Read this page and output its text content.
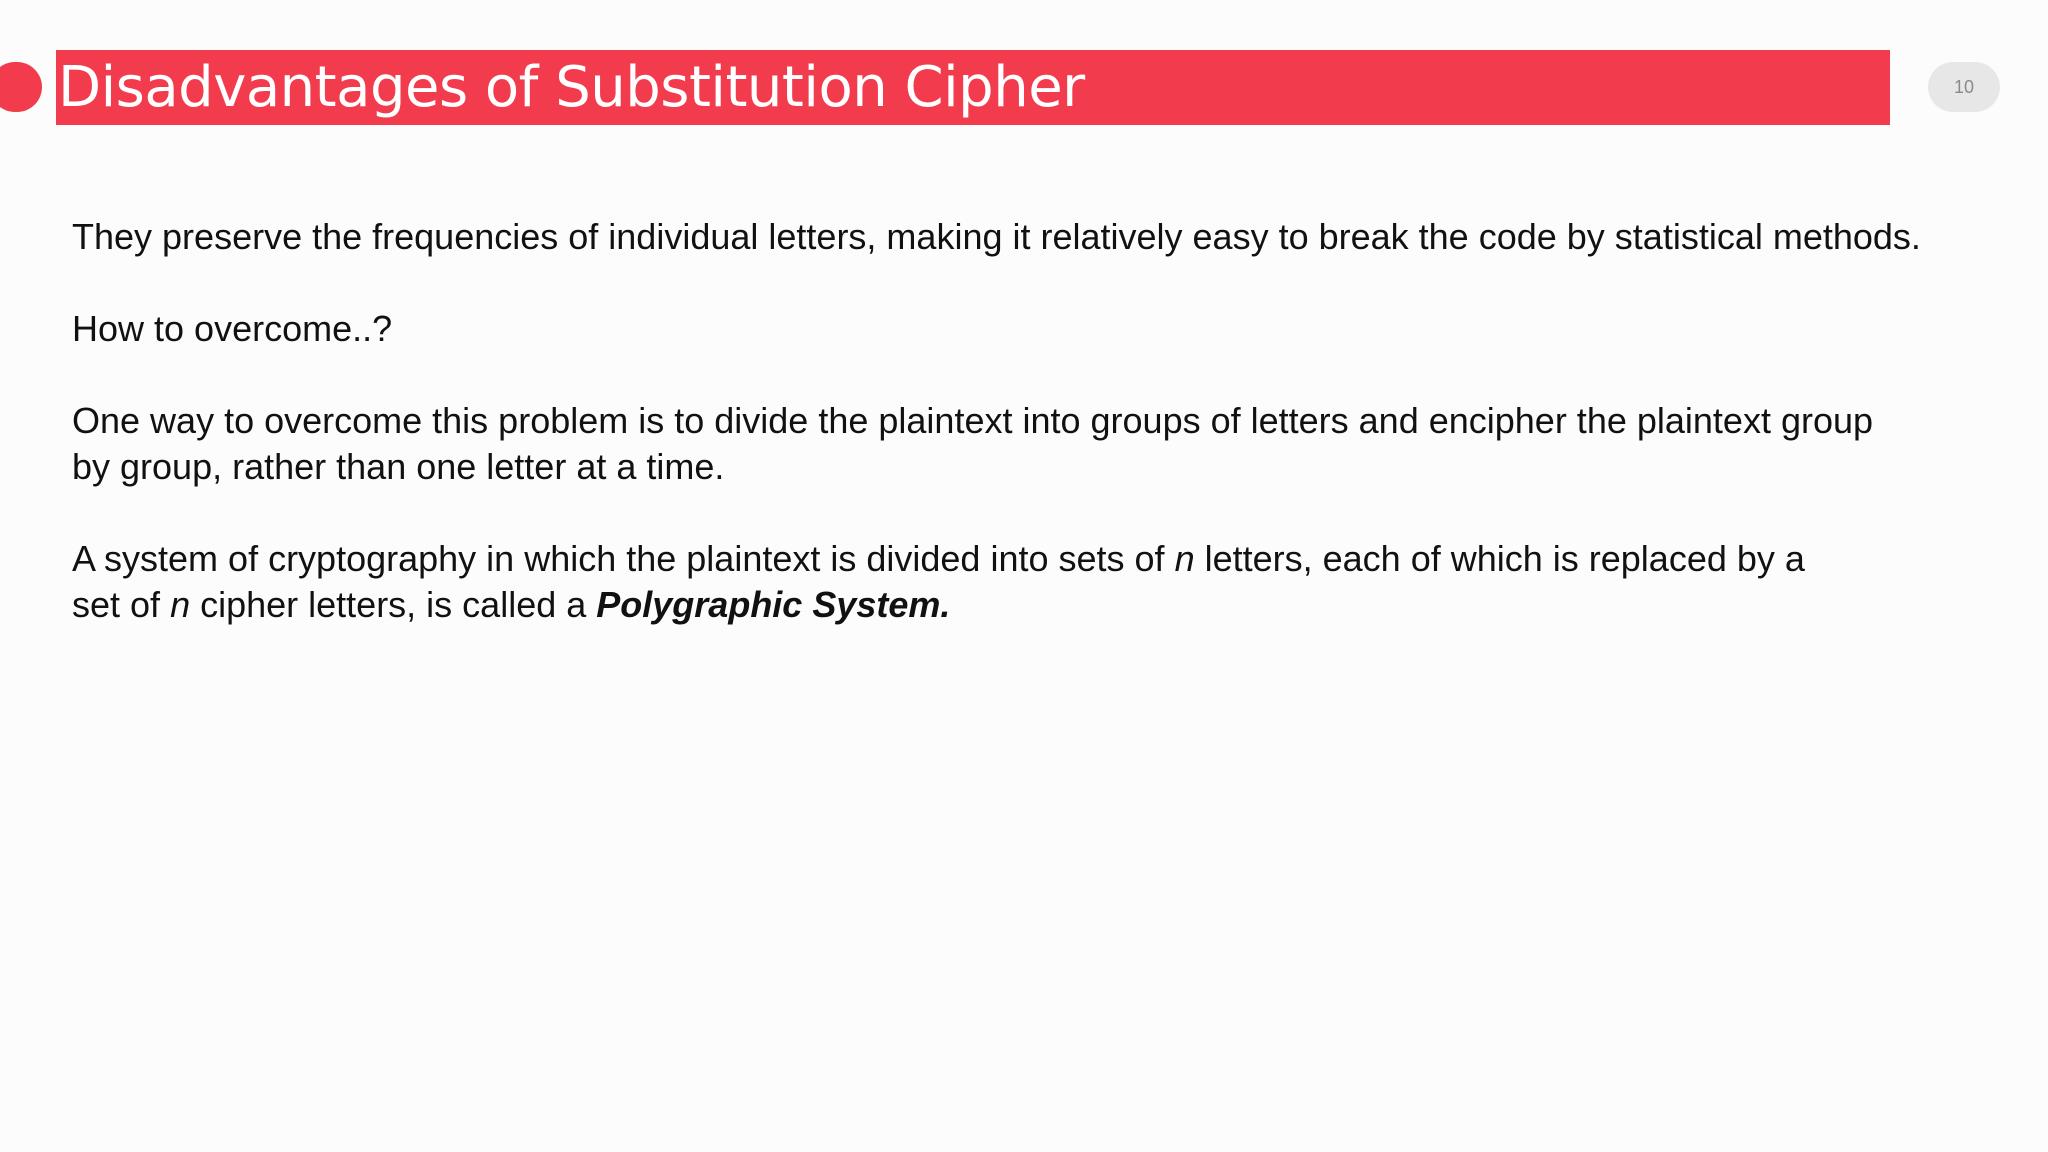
Disadvantages of Substitution Cipher	10

They preserve the frequencies of individual letters, making it relatively easy to break the code by statistical methods.

How to overcome..?

One way to overcome this problem is to divide the plaintext into groups of letters and encipher the plaintext group
by group, rather than one letter at a time.

A system of cryptography in which the plaintext is divided into sets of n letters, each of which is replaced by a
set of n cipher letters, is called a Polygraphic System.
